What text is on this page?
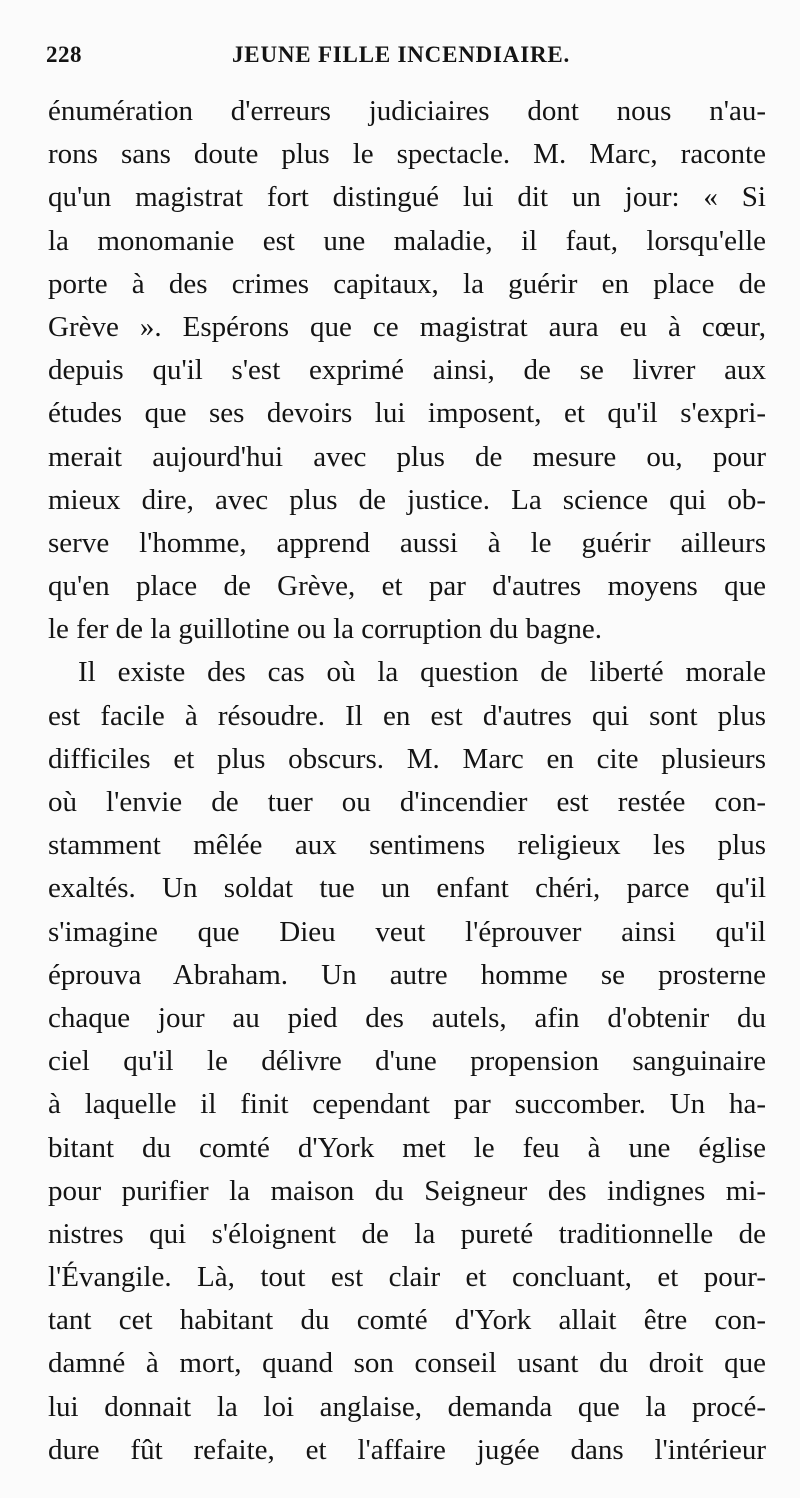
228	JEUNE FILLE INCENDIAIRE.
énumération d'erreurs judiciaires dont nous n'au-
rons sans doute plus le spectacle. M. Marc, raconte
qu'un magistrat fort distingué lui dit un jour: « Si
la monomanie est une maladie, il faut, lorsqu'elle
porte à des crimes capitaux, la guérir en place de
Grève ». Espérons que ce magistrat aura eu à cœur,
depuis qu'il s'est exprimé ainsi, de se livrer aux
études que ses devoirs lui imposent, et qu'il s'expri-
merait aujourd'hui avec plus de mesure ou, pour
mieux dire, avec plus de justice. La science qui ob-
serve l'homme, apprend aussi à le guérir ailleurs
qu'en place de Grève, et par d'autres moyens que
le fer de la guillotine ou la corruption du bagne.
Il existe des cas où la question de liberté morale
est facile à résoudre. Il en est d'autres qui sont plus
difficiles et plus obscurs. M. Marc en cite plusieurs
où l'envie de tuer ou d'incendier est restée con-
stamment mêlée aux sentimens religieux les plus
exaltés. Un soldat tue un enfant chéri, parce qu'il
s'imagine que Dieu veut l'éprouver ainsi qu'il
éprouva Abraham. Un autre homme se prosterne
chaque jour au pied des autels, afin d'obtenir du
ciel qu'il le délivre d'une propension sanguinaire
à laquelle il finit cependant par succomber. Un ha-
bitant du comté d'York met le feu à une église
pour purifier la maison du Seigneur des indignes mi-
nistres qui s'éloignent de la pureté traditionnelle de
l'Évangile. Là, tout est clair et concluant, et pour-
tant cet habitant du comté d'York allait être con-
damné à mort, quand son conseil usant du droit que
lui donnait la loi anglaise, demanda que la procé-
dure fût refaite, et l'affaire jugée dans l'intérieur
